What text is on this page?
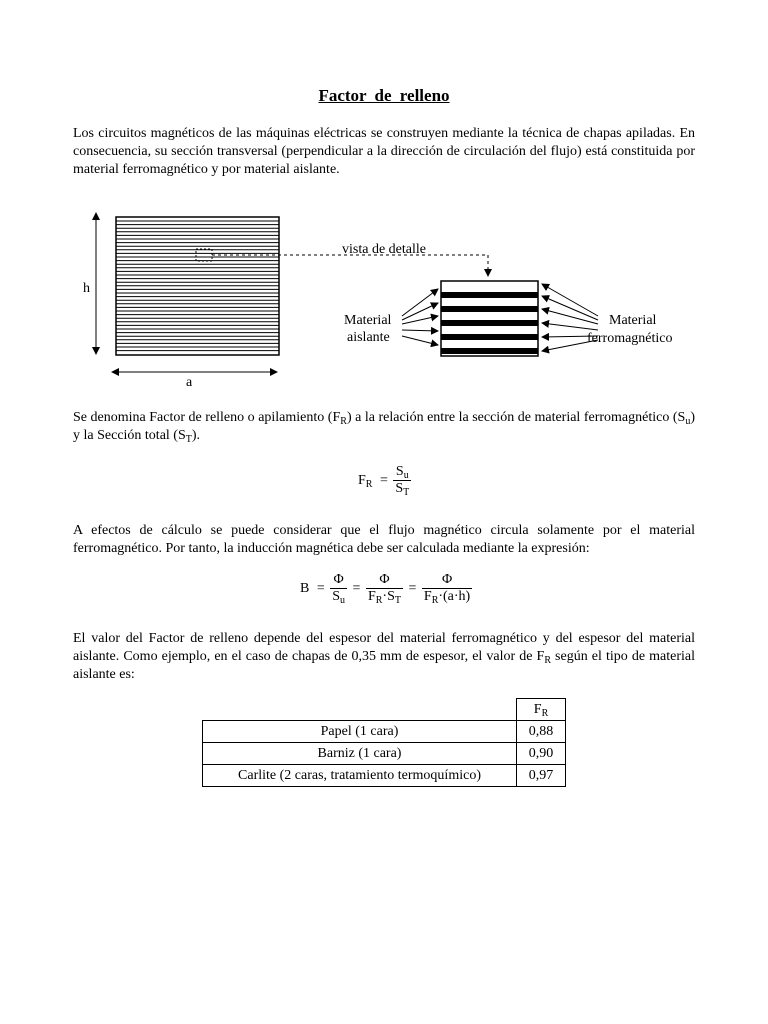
Factor de relleno

Los circuitos magnéticos de las máquinas eléctricas se construyen mediante la técnica de chapas apiladas. En consecuencia, su sección transversal (perpendicular a la dirección de circulación del flujo) está constituida por material ferromagnético y por material aislante.

h
a
vista de detalle
Material
aislante
Material
ferromagnético

Se denomina Factor de relleno o apilamiento $(F_R)$ a la relación entre la sección de material ferromagnético $(S_u)$ y la Sección total $(S_T)$.

$F_R = \frac{S_u}{S_T}$

A efectos de cálculo se puede considerar que el flujo magnético circula solamente por el material ferromagnético. Por tanto, la inducción magnética debe ser calculada mediante la expresión:

$B = \frac{\Phi}{S_u} = \frac{\Phi}{F_R\cdot S_T} = \frac{\Phi}{F_R\cdot(a\cdot h)}$

El valor del Factor de relleno depende del espesor del material ferromagnético y del espesor del material aislante. Como ejemplo, en el caso de chapas de 0,35 mm de espesor, el valor de $F_R$ según el tipo de material aislante es:

	$F_R$
Papel (1 cara)	0,88
Barniz (1 cara)	0,90
Carlite (2 caras, tratamiento termoquímico)	0,97
